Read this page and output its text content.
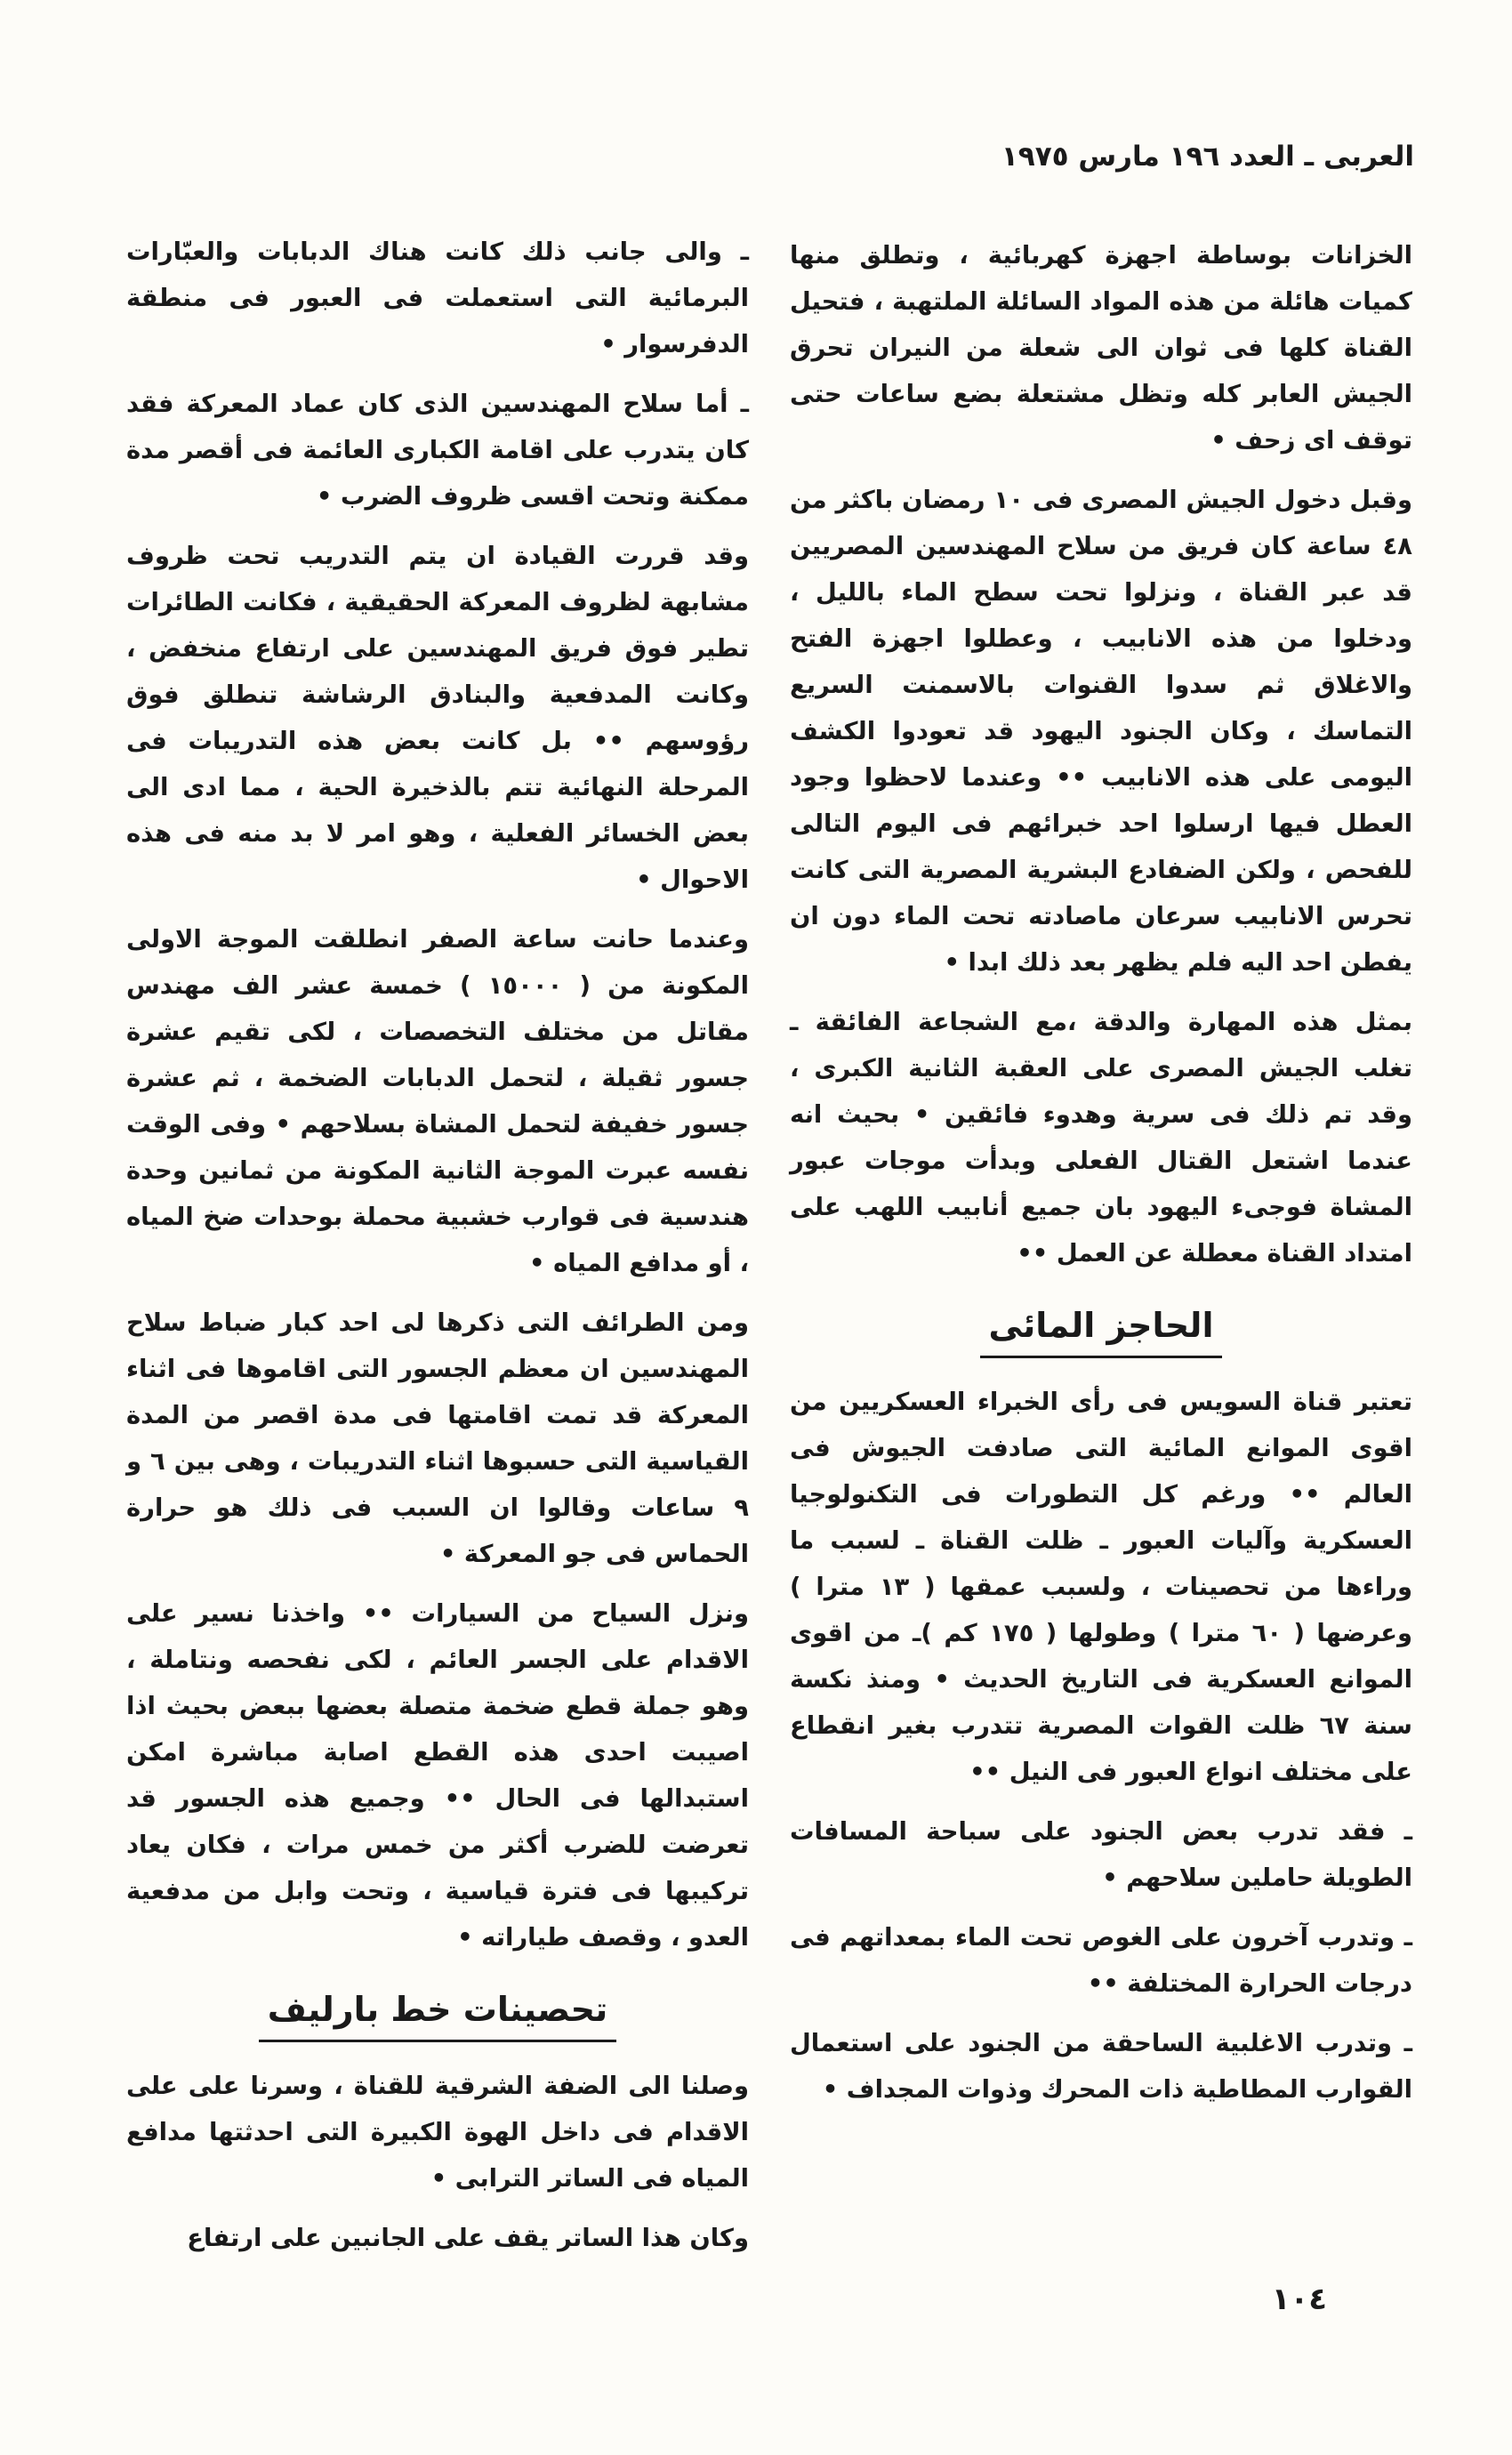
العربى ـ العدد ١٩٦ مارس ١٩٧٥

الخزانات بوساطة اجهزة كهربائية ، وتطلق منها كميات هائلة من هذه المواد السائلة الملتهبة ، فتحيل القناة كلها فى ثوان الى شعلة من النيران تحرق الجيش العابر كله وتظل مشتعلة بضع ساعات حتى توقف اى زحف •

وقبل دخول الجيش المصرى فى ١٠ رمضان باكثر من ٤٨ ساعة كان فريق من سلاح المهندسين المصريين قد عبر القناة ، ونزلوا تحت سطح الماء بالليل ، ودخلوا من هذه الانابيب ، وعطلوا اجهزة الفتح والاغلاق ثم سدوا القنوات بالاسمنت السريع التماسك ، وكان الجنود اليهود قد تعودوا الكشف اليومى على هذه الانابيب •• وعندما لاحظوا وجود العطل فيها ارسلوا احد خبرائهم فى اليوم التالى للفحص ، ولكن الضفادع البشرية المصرية التى كانت تحرس الانابيب سرعان ماصادته تحت الماء دون ان يفطن احد اليه فلم يظهر بعد ذلك ابدا •

بمثل هذه المهارة والدقة ،مع الشجاعة الفائقة ـ تغلب الجيش المصرى على العقبة الثانية الكبرى ، وقد تم ذلك فى سرية وهدوء فائقين • بحيث انه عندما اشتعل القتال الفعلى وبدأت موجات عبور المشاة فوجىء اليهود بان جميع أنابيب اللهب على امتداد القناة معطلة عن العمل ••

الحاجز المائى

تعتبر قناة السويس فى رأى الخبراء العسكريين من اقوى الموانع المائية التى صادفت الجيوش فى العالم •• ورغم كل التطورات فى التكنولوجيا العسكرية وآليات العبور ـ ظلت القناة ـ لسبب ما وراءها من تحصينات ، ولسبب عمقها ( ١٣ مترا ) وعرضها ( ٦٠ مترا ) وطولها ( ١٧٥ كم )ـ من اقوى الموانع العسكرية فى التاريخ الحديث • ومنذ نكسة سنة ٦٧ ظلت القوات المصرية تتدرب بغير انقطاع على مختلف انواع العبور فى النيل ••

ـ فقد تدرب بعض الجنود على سباحة المسافات الطويلة حاملين سلاحهم •

ـ وتدرب آخرون على الغوص تحت الماء بمعداتهم فى درجات الحرارة المختلفة ••

ـ وتدرب الاغلبية الساحقة من الجنود على استعمال القوارب المطاطية ذات المحرك وذوات المجداف •

ـ والى جانب ذلك كانت هناك الدبابات والعبّارات البرمائية التى استعملت فى العبور فى منطقة الدفرسوار •

ـ أما سلاح المهندسين الذى كان عماد المعركة فقد كان يتدرب على اقامة الكبارى العائمة فى أقصر مدة ممكنة وتحت اقسى ظروف الضرب •

وقد قررت القيادة ان يتم التدريب تحت ظروف مشابهة لظروف المعركة الحقيقية ، فكانت الطائرات تطير فوق فريق المهندسين على ارتفاع منخفض ، وكانت المدفعية والبنادق الرشاشة تنطلق فوق رؤوسهم •• بل كانت بعض هذه التدريبات فى المرحلة النهائية تتم بالذخيرة الحية ، مما ادى الى بعض الخسائر الفعلية ، وهو امر لا بد منه فى هذه الاحوال •

وعندما حانت ساعة الصفر انطلقت الموجة الاولى المكونة من ( ١٥٠٠٠ ) خمسة عشر الف مهندس مقاتل من مختلف التخصصات ، لكى تقيم عشرة جسور ثقيلة ، لتحمل الدبابات الضخمة ، ثم عشرة جسور خفيفة لتحمل المشاة بسلاحهم • وفى الوقت نفسه عبرت الموجة الثانية المكونة من ثمانين وحدة هندسية فى قوارب خشبية محملة بوحدات ضخ المياه ، أو مدافع المياه •

ومن الطرائف التى ذكرها لى احد كبار ضباط سلاح المهندسين ان معظم الجسور التى اقاموها فى اثناء المعركة قد تمت اقامتها فى مدة اقصر من المدة القياسية التى حسبوها اثناء التدريبات ، وهى بين ٦ و ٩ ساعات وقالوا ان السبب فى ذلك هو حرارة الحماس فى جو المعركة •

ونزل السياح من السيارات •• واخذنا نسير على الاقدام على الجسر العائم ، لكى نفحصه ونتاملة ، وهو جملة قطع ضخمة متصلة بعضها ببعض بحيث اذا اصيبت احدى هذه القطع اصابة مباشرة امكن استبدالها فى الحال •• وجميع هذه الجسور قد تعرضت للضرب أكثر من خمس مرات ، فكان يعاد تركيبها فى فترة قياسية ، وتحت وابل من مدفعية العدو ، وقصف طياراته •

تحصينات خط بارليف

وصلنا الى الضفة الشرقية للقناة ، وسرنا على على الاقدام فى داخل الهوة الكبيرة التى احدثتها مدافع المياه فى الساتر الترابى •

وكان هذا الساتر يقف على الجانبين على ارتفاع

١٠٤
